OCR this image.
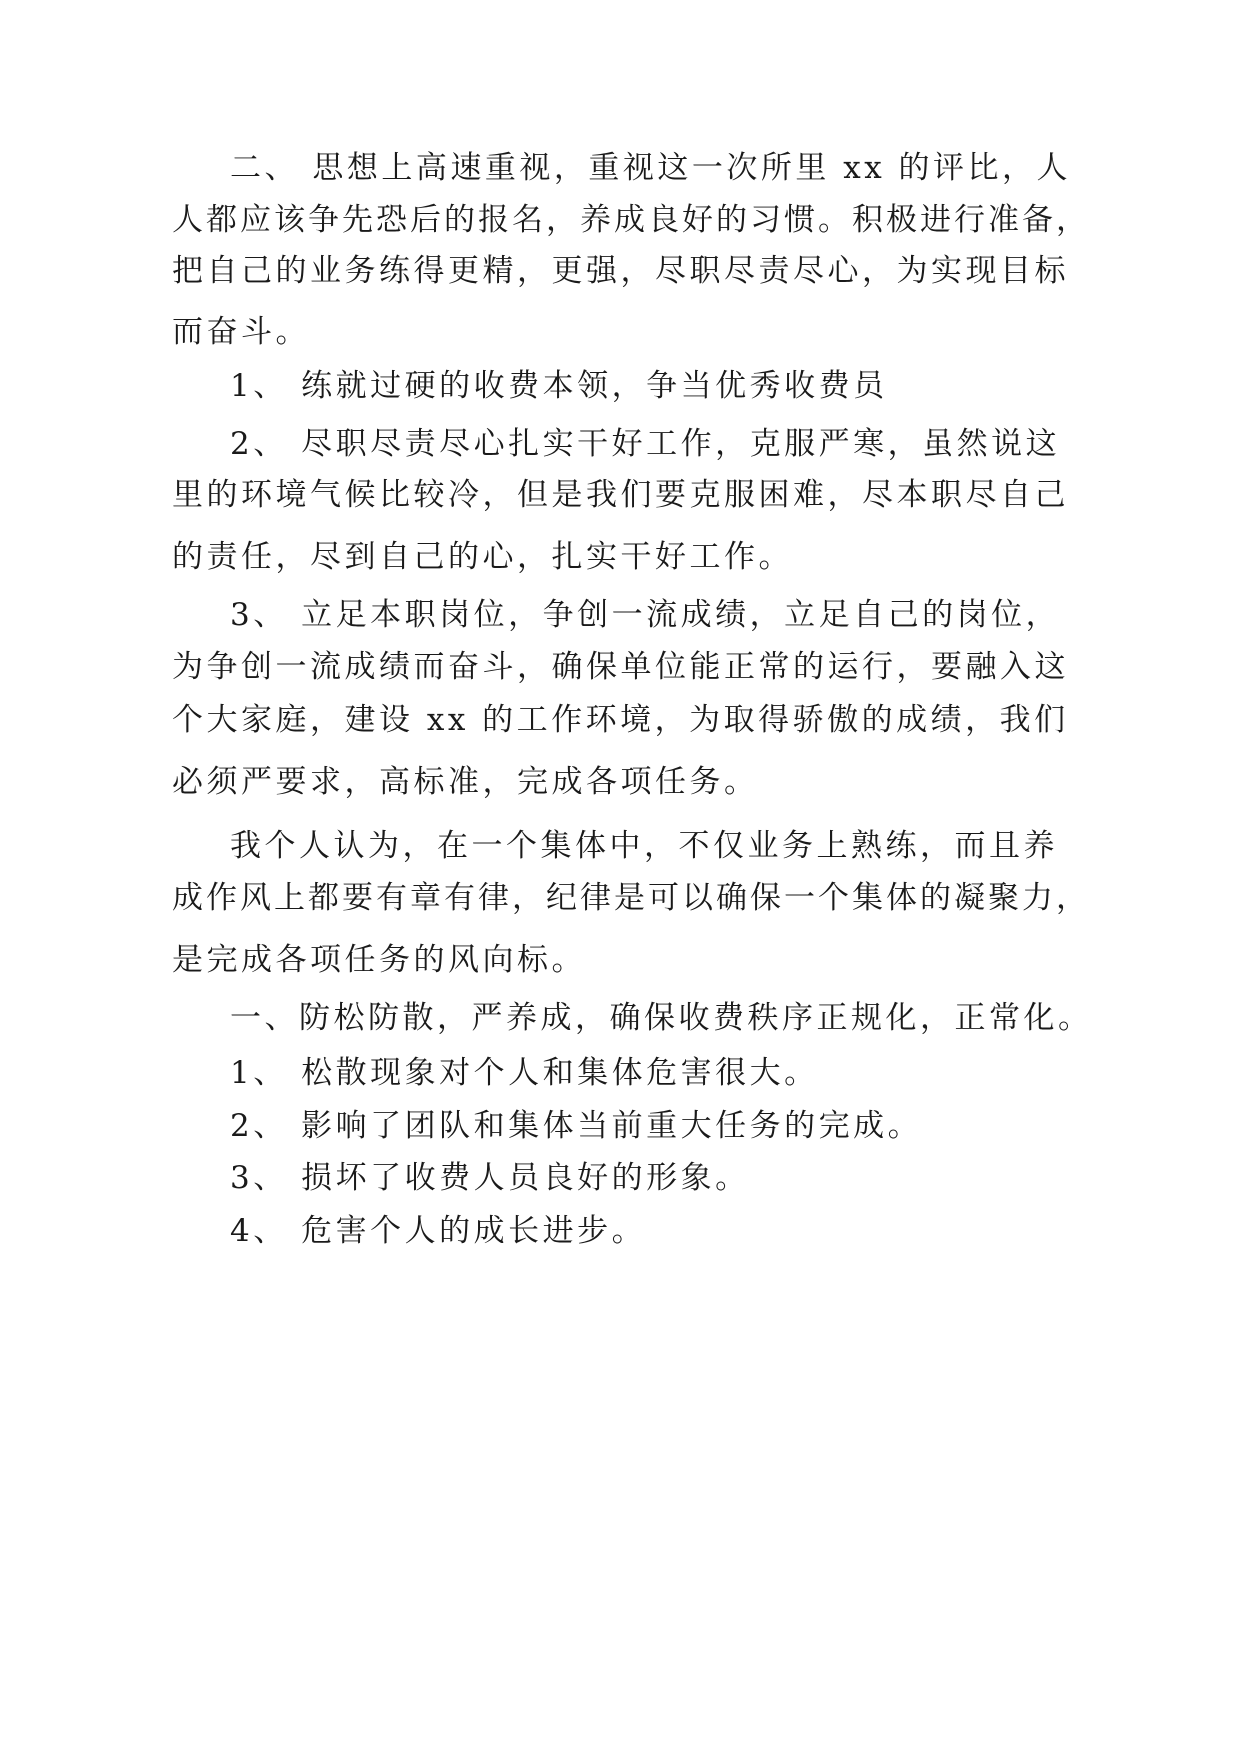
二、 思想上高速重视，重视这一次所里 xx 的评比，人

人都应该争先恐后的报名，养成良好的习惯。积极进行准备，

把自己的业务练得更精，更强，尽职尽责尽心，为实现目标

而奋斗。

1、 练就过硬的收费本领，争当优秀收费员

2、 尽职尽责尽心扎实干好工作，克服严寒，虽然说这

里的环境气候比较冷，但是我们要克服困难，尽本职尽自己

的责任，尽到自己的心，扎实干好工作。

3、 立足本职岗位，争创一流成绩，立足自己的岗位，

为争创一流成绩而奋斗，确保单位能正常的运行，要融入这

个大家庭，建设 xx 的工作环境，为取得骄傲的成绩，我们

必须严要求，高标准，完成各项任务。

我个人认为，在一个集体中，不仅业务上熟练，而且养

成作风上都要有章有律，纪律是可以确保一个集体的凝聚力，

是完成各项任务的风向标。

一、防松防散，严养成，确保收费秩序正规化，正常化。

1、 松散现象对个人和集体危害很大。

2、 影响了团队和集体当前重大任务的完成。

3、 损坏了收费人员良好的形象。

4、 危害个人的成长进步。
